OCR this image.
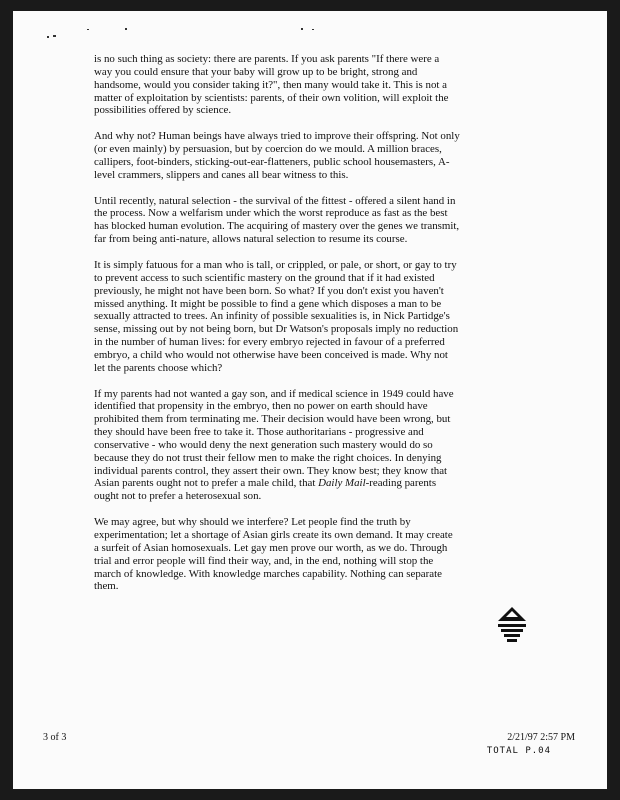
is no such thing as society: there are parents. If you ask parents "If there were a way you could ensure that your baby will grow up to be bright, strong and handsome, would you consider taking it?", then many would take it. This is not a matter of exploitation by scientists: parents, of their own volition, will exploit the possibilities offered by science.

And why not? Human beings have always tried to improve their offspring. Not only (or even mainly) by persuasion, but by coercion do we mould. A million braces, callipers, foot-binders, sticking-out-ear-flatteners, public school housemasters, A-level crammers, slippers and canes all bear witness to this.

Until recently, natural selection - the survival of the fittest - offered a silent hand in the process. Now a welfarism under which the worst reproduce as fast as the best has blocked human evolution. The acquiring of mastery over the genes we transmit, far from being anti-nature, allows natural selection to resume its course.

It is simply fatuous for a man who is tall, or crippled, or pale, or short, or gay to try to prevent access to such scientific mastery on the ground that if it had existed previously, he might not have been born. So what? If you don't exist you haven't missed anything. It might be possible to find a gene which disposes a man to be sexually attracted to trees. An infinity of possible sexualities is, in Nick Partidge's sense, missing out by not being born, but Dr Watson's proposals imply no reduction in the number of human lives: for every embryo rejected in favour of a preferred embryo, a child who would not otherwise have been conceived is made. Why not let the parents choose which?

If my parents had not wanted a gay son, and if medical science in 1949 could have identified that propensity in the embryo, then no power on earth should have prohibited them from terminating me. Their decision would have been wrong, but they should have been free to take it. Those authoritarians - progressive and conservative - who would deny the next generation such mastery would do so because they do not trust their fellow men to make the right choices. In denying individual parents control, they assert their own. They know best; they know that Asian parents ought not to prefer a male child, that Daily Mail-reading parents ought not to prefer a heterosexual son.

We may agree, but why should we interfere? Let people find the truth by experimentation; let a shortage of Asian girls create its own demand. It may create a surfeit of Asian homosexuals. Let gay men prove our worth, as we do. Through trial and error people will find their way, and, in the end, nothing will stop the march of knowledge. With knowledge marches capability. Nothing can separate them.

3 of 3	2/21/97 2:57 PM
TOTAL P.04
